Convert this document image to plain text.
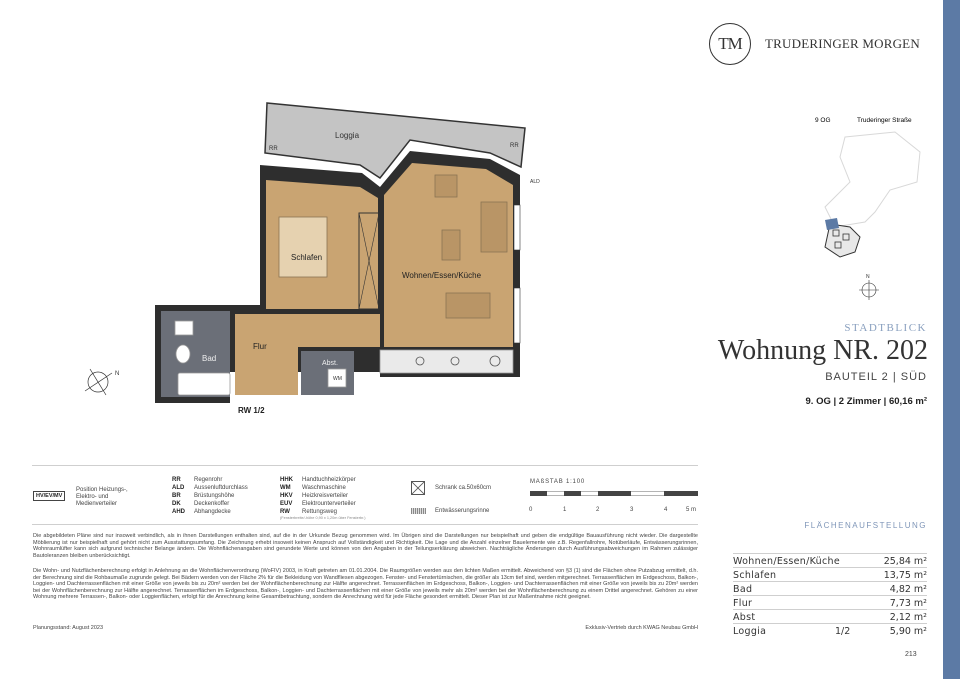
TM TRUDERINGER MORGEN
9 OG	Truderinger Straße
N
Loggia
RR	RR
WM
ALD
Schlafen
Wohnen/Essen/Küche
Bad
Flur
Abst.
RW 1/2
N
STADTBLICK
Wohnung NR. 202
BAUTEIL 2 | SÜD
9. OG | 2 Zimmer | 60,16 m²
FLÄCHENAUFSTELLUNG
Wohnen/Essen/Küche	25,84 m²
Schlafen	13,75 m²
Bad	4,82 m²
Flur	7,73 m²
Abst	2,12 m²
Loggia	1/2	5,90 m²
213
HV/EV/MV
Position Heizungs-, Elektro- und Medienverteiler
RR	Regenrohr
ALD	Aussenluftdurchlass
BR	Brüstungshöhe
DK	Deckenkoffer
AHD	Abhangdecke
HHK	Handtuchheizkörper
WM	Waschmaschine
HKV	Heizkreisverteiler
EUV	Elektrounterverteiler
RW	Rettungsweg
(Fensterbreite/-höhe 0,90 x 1,20m über Fensterbr.)
Schrank ca.50x60cm
Entwässerungsrinne
MAßSTAB 1:100
0	1	2	3	4	5 m
Die abgebildeten Pläne sind nur insoweit verbindlich, als in ihnen Darstellungen enthalten sind, auf die in der Urkunde Bezug genommen wird. Im Übrigen sind die Darstellungen nur beispielhaft und geben die endgültige Bauausführung nicht wieder. Die dargestellte Möblierung ist nur beispielhaft und gehört nicht zum Ausstattungsumfang. Die Zeichnung erhebt insoweit keinen Anspruch auf Vollständigkeit und Richtigkeit. Die Lage und die Anzahl einzelner Bauelemente wie z.B. Regenfallrohre, Notüberläufe, Entwässerungsrinnen, Wohnraumlüfter kann sich aufgrund technischer Belange ändern. Die Wohnflächenangaben sind gerundete Werte und können von den Angaben in der Teilungserklärung abweichen. Nachträgliche Änderungen durch Ausführungsabweichungen im Rahmen zulässiger Bautoleranzen bleiben unberücksichtigt.
Die Wohn- und Nutzflächenberechnung erfolgt in Anlehnung an die Wohnflächenverordnung (WoFIV) 2003, in Kraft getreten am 01.01.2004. Die Raumgrößen werden aus den lichten Maßen ermittelt. Abweichend von §3 (1) sind die Flächen ohne Putzabzug ermittelt, d.h. der Berechnung sind die Rohbaumaße zugrunde gelegt. Bei Bädern werden von der Fläche 2% für die Bekleidung von Wandfliesen abgezogen. Fenster- und Fenstertürnischen, die größer als 13cm tief sind, werden mitgerechnet. Terrassenflächen im Erdgeschoss, Balkon-, Loggien- und Dachterrassenflächen mit einer Größe von jeweils bis zu 20m² werden bei der Wohnflächenberechnung zur Hälfte angerechnet. Terrassenflächen im Erdgeschoss, Balkon-, Loggien- und Dachterrassenflächen mit einer Größe von jeweils bis zu 20m² werden bei der Wohnflächenberechnung zur Hälfte angerechnet. Terrassenflächen im Erdgeschoss, Balkon-, Loggien- und Dachterrassenflächen mit einer Größe von jeweils mehr als 20m² werden bei der Wohnflächenberechnung zu einem Drittel angerechnet. Gehören zu einer Wohnung mehrere Terrassen-, Balkon- oder Loggienflächen, erfolgt für die Anrechnung keine Gesamtbetrachtung, sondern die Anrechnung wird für jede Fläche gesondert ermittelt. Dieser Plan ist zur Maßentnahme nicht geeignet.
Planungsstand: August 2023	Exklusiv-Vertrieb durch KWAG Neubau GmbH
